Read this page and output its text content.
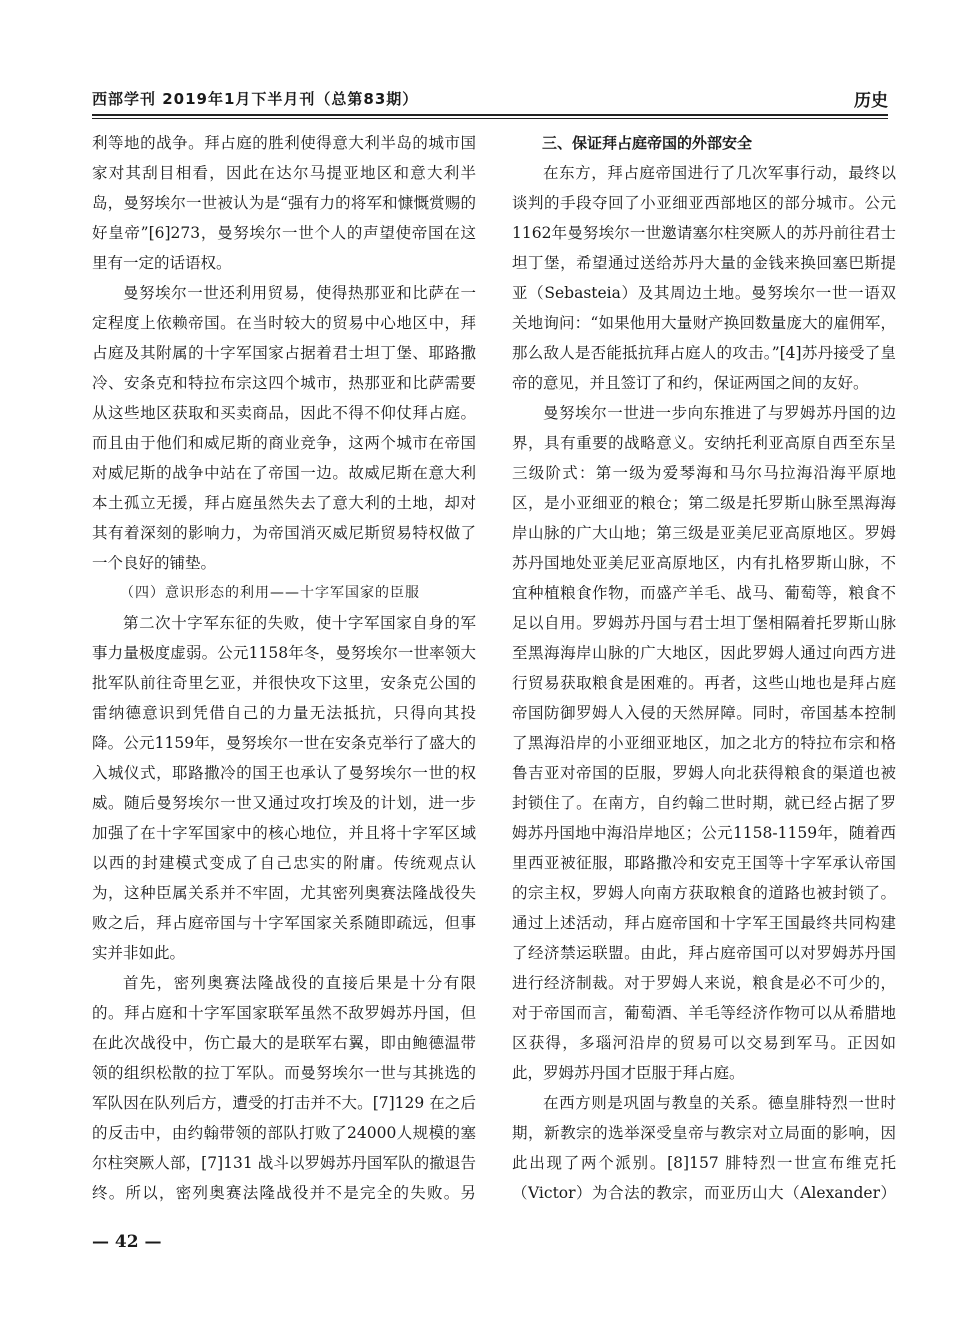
西部学刊 2019年1月下半月刊（总第83期）	历史

利等地的战争。拜占庭的胜利使得意大利半岛的城市国家对其刮目相看，因此在达尔马提亚地区和意大利半岛，曼努埃尔一世被认为是“强有力的将军和慷慨赏赐的好皇帝”[6]273，曼努埃尔一世个人的声望使帝国在这里有一定的话语权。

曼努埃尔一世还利用贸易，使得热那亚和比萨在一定程度上依赖帝国。在当时较大的贸易中心地区中，拜占庭及其附属的十字军国家占据着君士坦丁堡、耶路撒冷、安条克和特拉布宗这四个城市，热那亚和比萨需要从这些地区获取和买卖商品，因此不得不仰仗拜占庭。而且由于他们和威尼斯的商业竞争，这两个城市在帝国对威尼斯的战争中站在了帝国一边。故威尼斯在意大利本土孤立无援，拜占庭虽然失去了意大利的土地，却对其有着深刻的影响力，为帝国消灭威尼斯贸易特权做了一个良好的铺垫。

（四）意识形态的利用——十字军国家的臣服

第二次十字军东征的失败，使十字军国家自身的军事力量极度虚弱。公元1158年冬，曼努埃尔一世率领大批军队前往奇里乞亚，并很快攻下这里，安条克公国的雷纳德意识到凭借自己的力量无法抵抗，只得向其投降。公元1159年，曼努埃尔一世在安条克举行了盛大的入城仪式，耶路撒冷的国王也承认了曼努埃尔一世的权威。随后曼努埃尔一世又通过攻打埃及的计划，进一步加强了在十字军国家中的核心地位，并且将十字军区域以西的封建模式变成了自己忠实的附庸。传统观点认为，这种臣属关系并不牢固，尤其密列奥赛法隆战役失败之后，拜占庭帝国与十字军国家关系随即疏远，但事实并非如此。

首先，密列奥赛法隆战役的直接后果是十分有限的。拜占庭和十字军国家联军虽然不敌罗姆苏丹国，但在此次战役中，伤亡最大的是联军右翼，即由鲍德温带领的组织松散的拉丁军队。而曼努埃尔一世与其挑选的军队因在队列后方，遭受的打击并不大。[7]129 在之后的反击中，由约翰带领的部队打败了24000人规模的塞尔柱突厥人部，[7]131 战斗以罗姆苏丹国军队的撤退告终。所以，密列奥赛法隆战役并不是完全的失败。另

三、保证拜占庭帝国的外部安全

在东方，拜占庭帝国进行了几次军事行动，最终以谈判的手段夺回了小亚细亚西部地区的部分城市。公元1162年曼努埃尔一世邀请塞尔柱突厥人的苏丹前往君士坦丁堡，希望通过送给苏丹大量的金钱来换回塞巴斯提亚（Sebasteia）及其周边土地。曼努埃尔一世一语双关地询问：“如果他用大量财产换回数量庞大的雇佣军，那么敌人是否能抵抗拜占庭人的攻击。”[4]苏丹接受了皇帝的意见，并且签订了和约，保证两国之间的友好。

曼努埃尔一世进一步向东推进了与罗姆苏丹国的边界，具有重要的战略意义。安纳托利亚高原自西至东呈三级阶式：第一级为爱琴海和马尔马拉海沿海平原地区，是小亚细亚的粮仓；第二级是托罗斯山脉至黑海海岸山脉的广大山地；第三级是亚美尼亚高原地区。罗姆苏丹国地处亚美尼亚高原地区，内有扎格罗斯山脉，不宜种植粮食作物，而盛产羊毛、战马、葡萄等，粮食不足以自用。罗姆苏丹国与君士坦丁堡相隔着托罗斯山脉至黑海海岸山脉的广大地区，因此罗姆人通过向西方进行贸易获取粮食是困难的。再者，这些山地也是拜占庭帝国防御罗姆人入侵的天然屏障。同时，帝国基本控制了黑海沿岸的小亚细亚地区，加之北方的特拉布宗和格鲁吉亚对帝国的臣服，罗姆人向北获得粮食的渠道也被封锁住了。在南方，自约翰二世时期，就已经占据了罗姆苏丹国地中海沿岸地区；公元1158-1159年，随着西里西亚被征服，耶路撒冷和安克王国等十字军承认帝国的宗主权，罗姆人向南方获取粮食的道路也被封锁了。通过上述活动，拜占庭帝国和十字军王国最终共同构建了经济禁运联盟。由此，拜占庭帝国可以对罗姆苏丹国进行经济制裁。对于罗姆人来说，粮食是必不可少的，对于帝国而言，葡萄酒、羊毛等经济作物可以从希腊地区获得，多瑙河沿岸的贸易可以交易到军马。正因如此，罗姆苏丹国才臣服于拜占庭。

在西方则是巩固与教皇的关系。德皇腓特烈一世时期，新教宗的选举深受皇帝与教宗对立局面的影响，因此出现了两个派别。[8]157 腓特烈一世宣布维克托（Victor）为合法的教宗，而亚历山大（Alexander）

— 42 —
